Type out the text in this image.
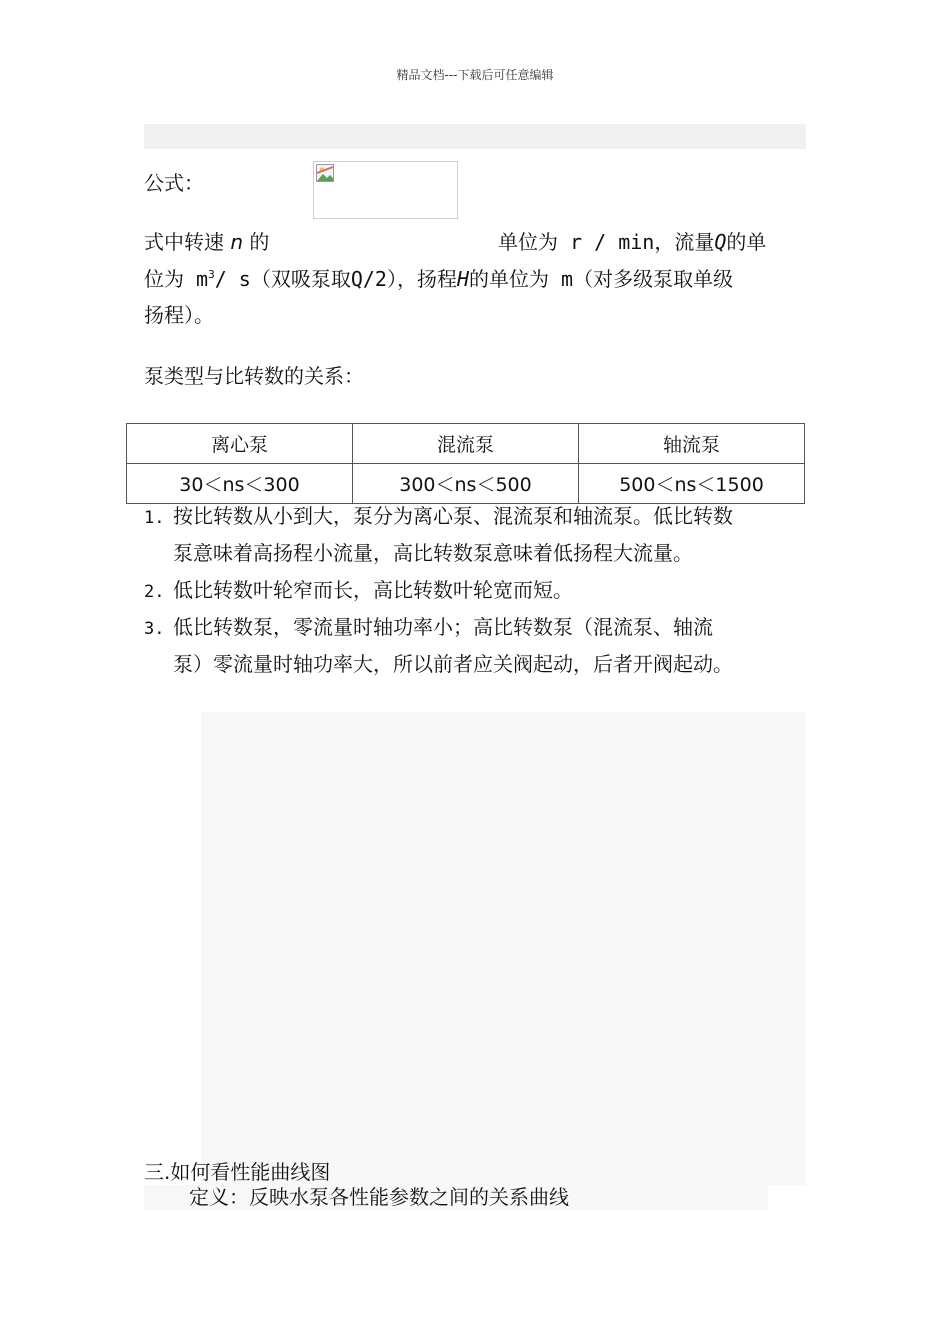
精品文档---下载后可任意编辑
公式：
式中转速 n 的	单位为 r / min，流量Q的单
位为 $m^3/$ s（双吸泵取Q/2），扬程H的单位为 m（对多级泵取单级
扬程）。
泵类型与比转数的关系：
离心泵	混流泵	轴流泵
30＜ns＜300	300＜ns＜500	500＜ns＜1500
1. 按比转数从小到大，泵分为离心泵、混流泵和轴流泵。低比转数
泵意味着高扬程小流量，高比转数泵意味着低扬程大流量。
2. 低比转数叶轮窄而长，高比转数叶轮宽而短。
3. 低比转数泵，零流量时轴功率小；高比转数泵（混流泵、轴流
泵）零流量时轴功率大，所以前者应关阀起动，后者开阀起动。
三.如何看性能曲线图
定义：反映水泵各性能参数之间的关系曲线
